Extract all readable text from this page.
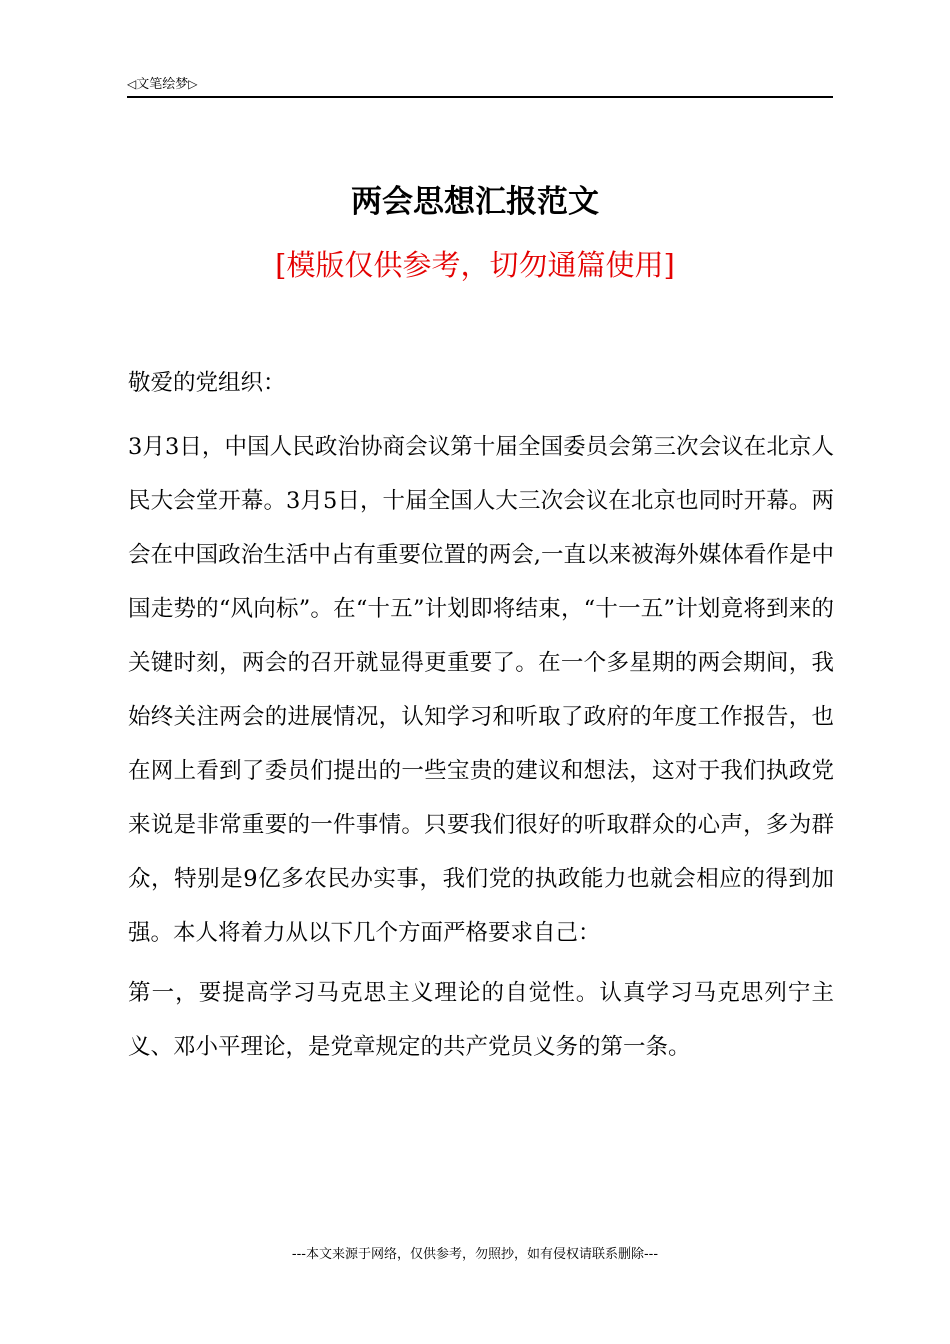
◁文笔绘梦▷
两会思想汇报范文
[模版仅供参考，切勿通篇使用]

敬爱的党组织：

3月3日，中国人民政治协商会议第十届全国委员会第三次会议在北京人民大会堂开幕。3月5日，十届全国人大三次会议在北京也同时开幕。两会在中国政治生活中占有重要位置的两会,一直以来被海外媒体看作是中国走势的“风向标”。在“十五”计划即将结束，“十一五”计划竟将到来的关键时刻，两会的召开就显得更重要了。在一个多星期的两会期间，我始终关注两会的进展情况，认知学习和听取了政府的年度工作报告，也在网上看到了委员们提出的一些宝贵的建议和想法，这对于我们执政党来说是非常重要的一件事情。只要我们很好的听取群众的心声，多为群众，特别是9亿多农民办实事，我们党的执政能力也就会相应的得到加强。本人将着力从以下几个方面严格要求自己：

第一，要提高学习马克思主义理论的自觉性。认真学习马克思列宁主义、邓小平理论，是党章规定的共产党员义务的第一条。

---本文来源于网络，仅供参考，勿照抄，如有侵权请联系删除---
